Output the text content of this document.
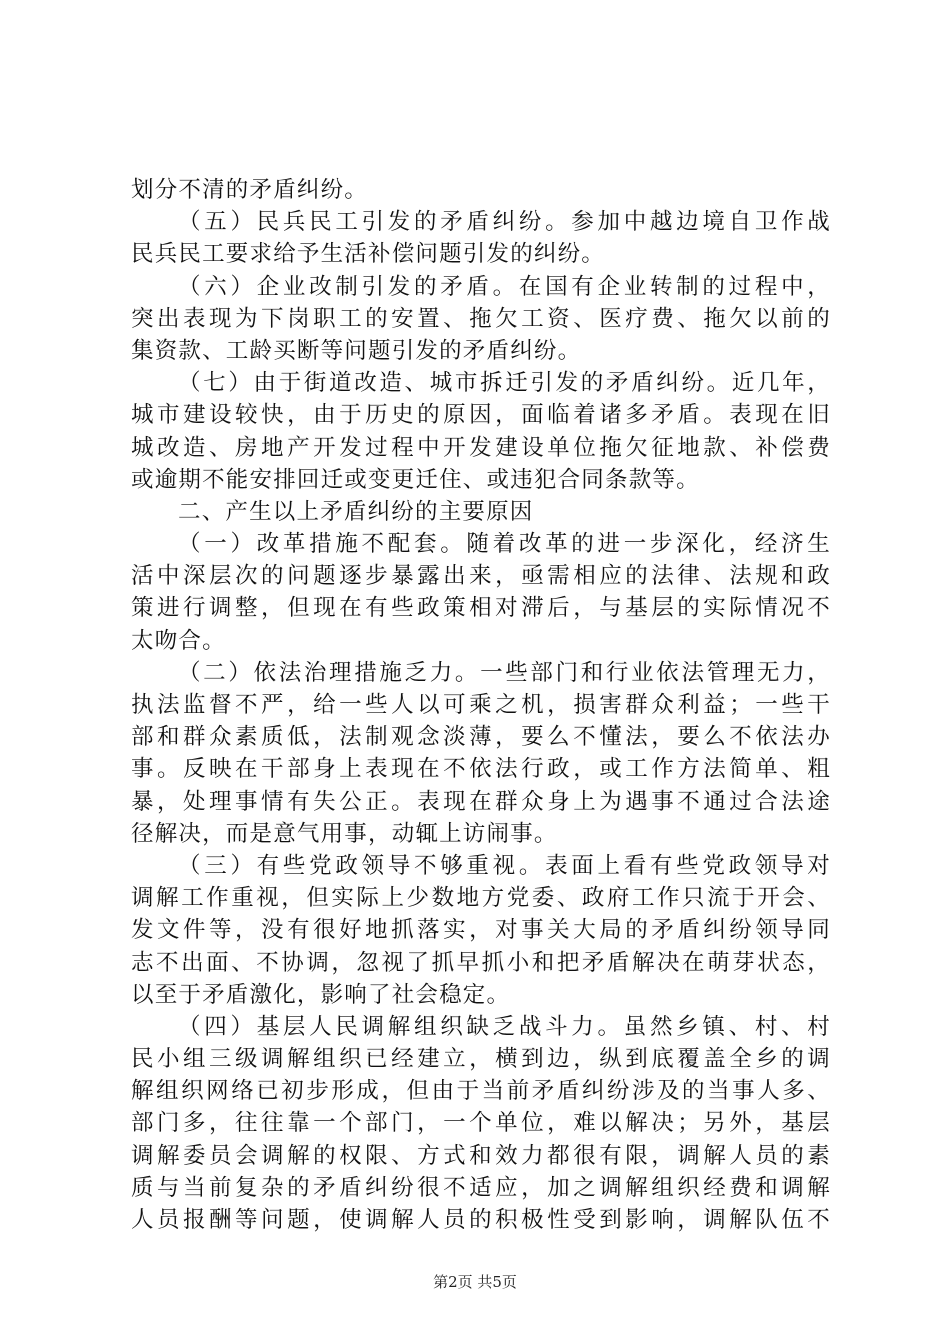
划分不清的矛盾纠纷。
（五）民兵民工引发的矛盾纠纷。参加中越边境自卫作战
民兵民工要求给予生活补偿问题引发的纠纷。
（六）企业改制引发的矛盾。在国有企业转制的过程中，
突出表现为下岗职工的安置、拖欠工资、医疗费、拖欠以前的
集资款、工龄买断等问题引发的矛盾纠纷。
（七）由于街道改造、城市拆迁引发的矛盾纠纷。近几年，
城市建设较快，由于历史的原因，面临着诸多矛盾。表现在旧
城改造、房地产开发过程中开发建设单位拖欠征地款、补偿费
或逾期不能安排回迁或变更迁住、或违犯合同条款等。
二、产生以上矛盾纠纷的主要原因
（一）改革措施不配套。随着改革的进一步深化，经济生
活中深层次的问题逐步暴露出来，亟需相应的法律、法规和政
策进行调整，但现在有些政策相对滞后，与基层的实际情况不
太吻合。
（二）依法治理措施乏力。一些部门和行业依法管理无力，
执法监督不严，给一些人以可乘之机，损害群众利益；一些干
部和群众素质低，法制观念淡薄，要么不懂法，要么不依法办
事。反映在干部身上表现在不依法行政，或工作方法简单、粗
暴，处理事情有失公正。表现在群众身上为遇事不通过合法途
径解决，而是意气用事，动辄上访闹事。
（三）有些党政领导不够重视。表面上看有些党政领导对
调解工作重视，但实际上少数地方党委、政府工作只流于开会、
发文件等，没有很好地抓落实，对事关大局的矛盾纠纷领导同
志不出面、不协调，忽视了抓早抓小和把矛盾解决在萌芽状态，
以至于矛盾激化，影响了社会稳定。
（四）基层人民调解组织缺乏战斗力。虽然乡镇、村、村
民小组三级调解组织已经建立，横到边，纵到底覆盖全乡的调
解组织网络已初步形成，但由于当前矛盾纠纷涉及的当事人多、
部门多，往往靠一个部门，一个单位，难以解决；另外，基层
调解委员会调解的权限、方式和效力都很有限，调解人员的素
质与当前复杂的矛盾纠纷很不适应，加之调解组织经费和调解
人员报酬等问题，使调解人员的积极性受到影响，调解队伍不
第2页 共5页
